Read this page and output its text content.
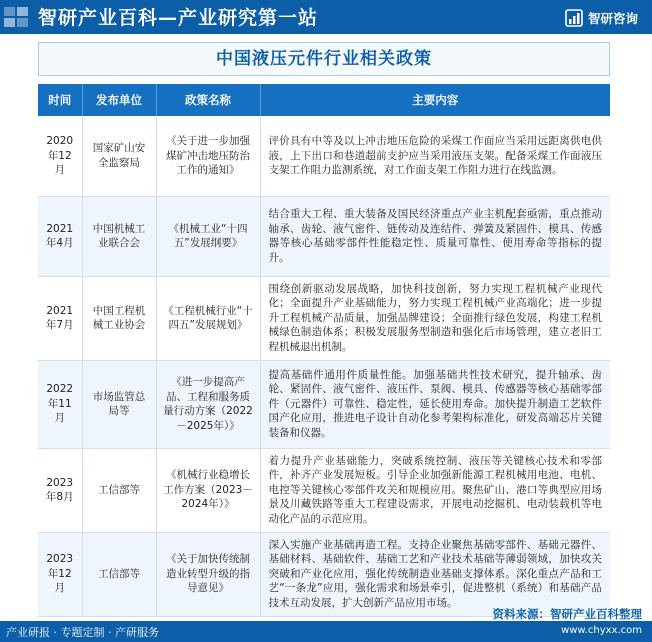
智研产业百科—产业研究第一站	智研咨询
中国液压元件行业相关政策
时间	发布单位	政策名称	主要内容
2020年12月	国家矿山安全监察局	《关于进一步加强煤矿冲击地压防治工作的通知》	评价具有中等及以上冲击地压危险的采煤工作面应当采用远距离供电供液，上下出口和巷道超前支护应当采用液压支架。配备采煤工作面液压支架工作阻力监测系统，对工作面支架工作阻力进行在线监测。
2021年4月	中国机械工业联合会	《机械工业“十四五”发展纲要》	结合重大工程、重大装备及国民经济重点产业主机配套亟需，重点推动轴承、齿轮、液气密件、链传动及连结件、弹簧及紧固件、模具、传感器等核心基础零部件性能稳定性、质量可靠性、使用寿命等指标的提升。
2021年7月	中国工程机械工业协会	《工程机械行业“十四五”发展规划》	围绕创新驱动发展战略，加快科技创新，努力实现工程机械产业现代化；全面提升产业基础能力，努力实现工程机械产业高端化；进一步提升工程机械产品质量，加强品牌建设；全面推行绿色发展，构建工程机械绿色制造体系；积极发展服务型制造和强化后市场管理，建立老旧工程机械退出机制。
2022年11月	市场监管总局等	《进一步提高产品、工程和服务质量行动方案（2022－2025年）》	提高基础件通用件质量性能。加强基础共性技术研究，提升轴承、齿轮、紧固件、液气密件、液压件、泵阀、模具、传感器等核心基础零部件（元器件）可靠性、稳定性，延长使用寿命。加快提升制造工艺软件国产化应用，推进电子设计自动化参考架构标准化，研发高端芯片关键装备和仪器。
2023年8月	工信部等	《机械行业稳增长工作方案（2023－2024年）》	着力提升产业基础能力，突破系统控制、液压等关键核心技术和零部件，补齐产业发展短板。引导企业加强新能源工程机械用电池、电机、电控等关键核心零部件攻关和规模应用。聚焦矿山、港口等典型应用场景及川藏铁路等重大工程建设需求，开展电动挖掘机、电动装载机等电动化产品的示范应用。
2023年12月	工信部等	《关于加快传统制造业转型升级的指导意见》	深入实施产业基础再造工程。支持企业聚焦基础零部件、基础元器件、基础材料、基础软件、基础工艺和产业技术基础等薄弱领域，加快攻关突破和产业化应用，强化传统制造业基础支撑体系。深化重点产品和工艺“一条龙”应用，强化需求和场景牵引，促进整机（系统）和基础产品技术互动发展，扩大创新产品应用市场。
资料来源：智研产业百科整理
产业研报 · 专题定制 · 产研服务	www.chyxx.com
